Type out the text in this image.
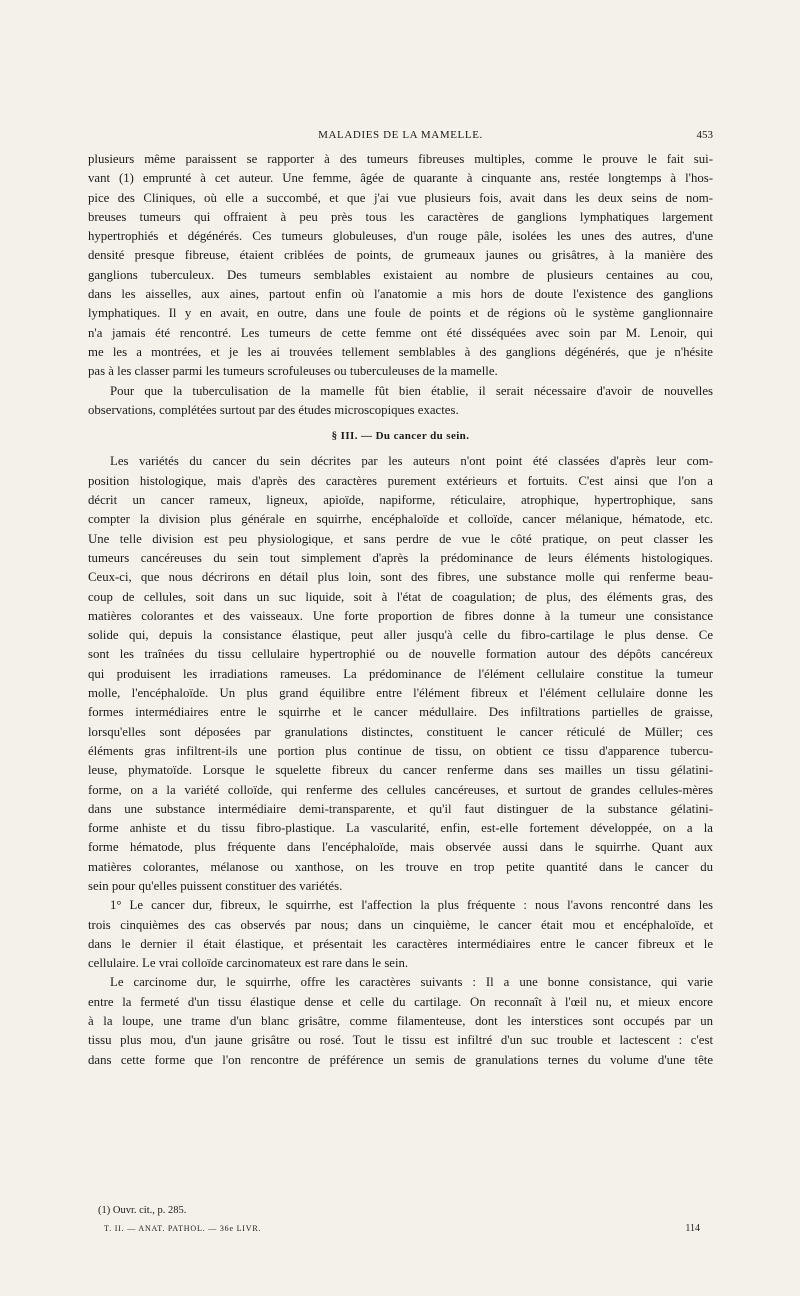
MALADIES DE LA MAMELLE.	453
plusieurs même paraissent se rapporter à des tumeurs fibreuses multiples, comme le prouve le fait sui-
vant (1) emprunté à cet auteur. Une femme, âgée de quarante à cinquante ans, restée longtemps à l'hos-
pice des Cliniques, où elle a succombé, et que j'ai vue plusieurs fois, avait dans les deux seins de nom-
breuses tumeurs qui offraient à peu près tous les caractères de ganglions lymphatiques largement
hypertrophiés et dégénérés. Ces tumeurs globuleuses, d'un rouge pâle, isolées les unes des autres, d'une
densité presque fibreuse, étaient criblées de points, de grumeaux jaunes ou grisâtres, à la manière des
ganglions tuberculeux. Des tumeurs semblables existaient au nombre de plusieurs centaines au cou,
dans les aisselles, aux aines, partout enfin où l'anatomie a mis hors de doute l'existence des ganglions
lymphatiques. Il y en avait, en outre, dans une foule de points et de régions où le système ganglionnaire
n'a jamais été rencontré. Les tumeurs de cette femme ont été disséquées avec soin par M. Lenoir, qui
me les a montrées, et je les ai trouvées tellement semblables à des ganglions dégénérés, que je n'hésite
pas à les classer parmi les tumeurs scrofuleuses ou tuberculeuses de la mamelle.
Pour que la tuberculisation de la mamelle fût bien établie, il serait nécessaire d'avoir de nouvelles
observations, complétées surtout par des études microscopiques exactes.
§ III. — Du cancer du sein.
Les variétés du cancer du sein décrites par les auteurs n'ont point été classées d'après leur com-
position histologique, mais d'après des caractères purement extérieurs et fortuits. C'est ainsi que l'on a
décrit un cancer rameux, ligneux, apioïde, napiforme, réticulaire, atrophique, hypertrophique, sans
compter la division plus générale en squirrhe, encéphaloïde et colloïde, cancer mélanique, hématode, etc.
Une telle division est peu physiologique, et sans perdre de vue le côté pratique, on peut classer les
tumeurs cancéreuses du sein tout simplement d'après la prédominance de leurs éléments histologiques.
Ceux-ci, que nous décrirons en détail plus loin, sont des fibres, une substance molle qui renferme beau-
coup de cellules, soit dans un suc liquide, soit à l'état de coagulation; de plus, des éléments gras, des
matières colorantes et des vaisseaux. Une forte proportion de fibres donne à la tumeur une consistance
solide qui, depuis la consistance élastique, peut aller jusqu'à celle du fibro-cartilage le plus dense. Ce
sont les traînées du tissu cellulaire hypertrophié ou de nouvelle formation autour des dépôts cancéreux
qui produisent les irradiations rameuses. La prédominance de l'élément cellulaire constitue la tumeur
molle, l'encéphaloïde. Un plus grand équilibre entre l'élément fibreux et l'élément cellulaire donne les
formes intermédiaires entre le squirrhe et le cancer médullaire. Des infiltrations partielles de graisse,
lorsqu'elles sont déposées par granulations distinctes, constituent le cancer réticulé de Müller; ces
éléments gras infiltrent-ils une portion plus continue de tissu, on obtient ce tissu d'apparence tubercu-
leuse, phymatoïde. Lorsque le squelette fibreux du cancer renferme dans ses mailles un tissu gélatini-
forme, on a la variété colloïde, qui renferme des cellules cancéreuses, et surtout de grandes cellules-mères
dans une substance intermédiaire demi-transparente, et qu'il faut distinguer de la substance gélatini-
forme anhiste et du tissu fibro-plastique. La vascularité, enfin, est-elle fortement développée, on a la
forme hématode, plus fréquente dans l'encéphaloïde, mais observée aussi dans le squirrhe. Quant aux
matières colorantes, mélanose ou xanthose, on les trouve en trop petite quantité dans le cancer du
sein pour qu'elles puissent constituer des variétés.
1° Le cancer dur, fibreux, le squirrhe, est l'affection la plus fréquente : nous l'avons rencontré dans les
trois cinquièmes des cas observés par nous; dans un cinquième, le cancer était mou et encéphaloïde, et
dans le dernier il était élastique, et présentait les caractères intermédiaires entre le cancer fibreux et le
cellulaire. Le vrai colloïde carcinomateux est rare dans le sein.
Le carcinome dur, le squirrhe, offre les caractères suivants : Il a une bonne consistance, qui varie
entre la fermeté d'un tissu élastique dense et celle du cartilage. On reconnaît à l'œil nu, et mieux encore
à la loupe, une trame d'un blanc grisâtre, comme filamenteuse, dont les interstices sont occupés par un
tissu plus mou, d'un jaune grisâtre ou rosé. Tout le tissu est infiltré d'un suc trouble et lactescent : c'est
dans cette forme que l'on rencontre de préférence un semis de granulations ternes du volume d'une tête
(1) Ouvr. cit., p. 285.
T. II. — ANAT. PATHOL. — 36e LIVR.	114
